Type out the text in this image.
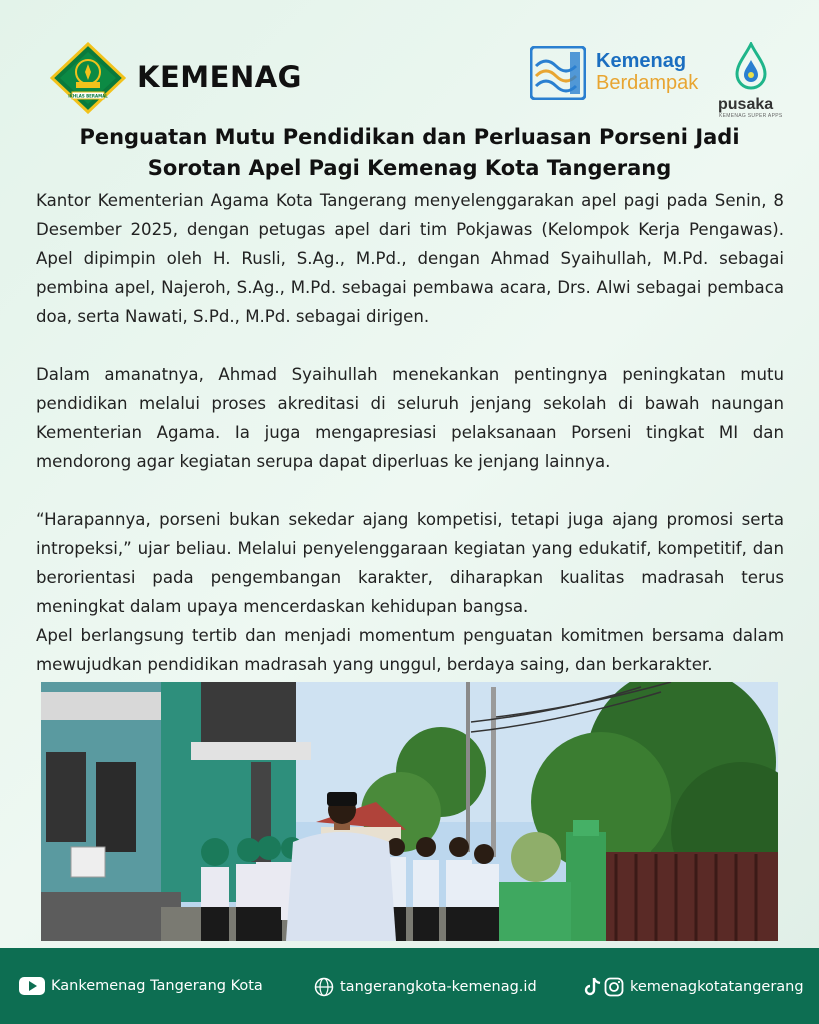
IKHLAS BERAMAL
KEMENAG	Kemenag
Berdampak
pusaka
KEMENAG SUPER APPS
Penguatan Mutu Pendidikan dan Perluasan Porseni Jadi
Sorotan Apel Pagi Kemenag Kota Tangerang

Kantor Kementerian Agama Kota Tangerang menyelenggarakan apel pagi pada Senin, 8 Desember 2025, dengan petugas apel dari tim Pokjawas (Kelompok Kerja Pengawas). Apel dipimpin oleh H. Rusli, S.Ag., M.Pd., dengan Ahmad Syaihullah, M.Pd. sebagai pembina apel, Najeroh, S.Ag., M.Pd. sebagai pembawa acara, Drs. Alwi sebagai pembaca doa, serta Nawati, S.Pd., M.Pd. sebagai dirigen.

Dalam amanatnya, Ahmad Syaihullah menekankan pentingnya peningkatan mutu pendidikan melalui proses akreditasi di seluruh jenjang sekolah di bawah naungan Kementerian Agama. Ia juga mengapresiasi pelaksanaan Porseni tingkat MI dan mendorong agar kegiatan serupa dapat diperluas ke jenjang lainnya.

“Harapannya, porseni bukan sekedar ajang kompetisi, tetapi juga ajang promosi serta intropeksi,” ujar beliau. Melalui penyelenggaraan kegiatan yang edukatif, kompetitif, dan berorientasi pada pengembangan karakter, diharapkan kualitas madrasah terus meningkat dalam upaya mencerdaskan kehidupan bangsa.

Apel berlangsung tertib dan menjadi momentum penguatan komitmen bersama dalam mewujudkan pendidikan madrasah yang unggul, berdaya saing, dan berkarakter.

Kankemenag Tangerang Kota	tangerangkota-kemenag.id	kemenagkotatangerang
